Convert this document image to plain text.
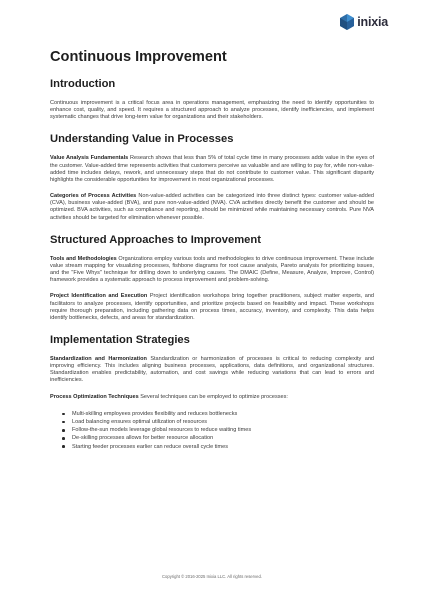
inixia
Continuous Improvement
Introduction

Continuous improvement is a critical focus area in operations management, emphasizing the need to identify opportunities to enhance cost, quality, and speed. It requires a structured approach to analyze processes, identify inefficiencies, and implement systematic changes that drive long-term value for organizations and their stakeholders.

Understanding Value in Processes

Value Analysis Fundamentals Research shows that less than 5% of total cycle time in many processes adds value in the eyes of the customer. Value-added time represents activities that customers perceive as valuable and are willing to pay for, while non-value-added time includes delays, rework, and unnecessary steps that do not contribute to customer value. This significant disparity highlights the considerable opportunities for improvement in most organizational processes.

Categories of Process Activities Non-value-added activities can be categorized into three distinct types: customer value-added (CVA), business value-added (BVA), and pure non-value-added (NVA). CVA activities directly benefit the customer and should be optimized. BVA activities, such as compliance and reporting, should be minimized while maintaining necessary controls. Pure NVA activities should be targeted for elimination whenever possible.

Structured Approaches to Improvement

Tools and Methodologies Organizations employ various tools and methodologies to drive continuous improvement. These include value stream mapping for visualizing processes, fishbone diagrams for root cause analysis, Pareto analysis for prioritizing issues, and the "Five Whys" technique for drilling down to underlying causes. The DMAIC (Define, Measure, Analyze, Improve, Control) framework provides a systematic approach to process improvement and problem-solving.

Project Identification and Execution Project identification workshops bring together practitioners, subject matter experts, and facilitators to analyze processes, identify opportunities, and prioritize projects based on feasibility and impact. These workshops require thorough preparation, including gathering data on process times, accuracy, inventory, and complexity. This data helps identify bottlenecks, defects, and areas for standardization.

Implementation Strategies

Standardization and Harmonization Standardization or harmonization of processes is critical to reducing complexity and improving efficiency. This includes aligning business processes, applications, data definitions, and organizational structures. Standardization enables predictability, automation, and cost savings while reducing variations that can lead to errors and inefficiencies.

Process Optimization Techniques Several techniques can be employed to optimize processes:

Multi-skilling employees provides flexibility and reduces bottlenecks
Load balancing ensures optimal utilization of resources
Follow-the-sun models leverage global resources to reduce waiting times
De-skilling processes allows for better resource allocation
Starting feeder processes earlier can reduce overall cycle times
Copyright © 2016-2025 Inixia LLC. All rights reserved.
